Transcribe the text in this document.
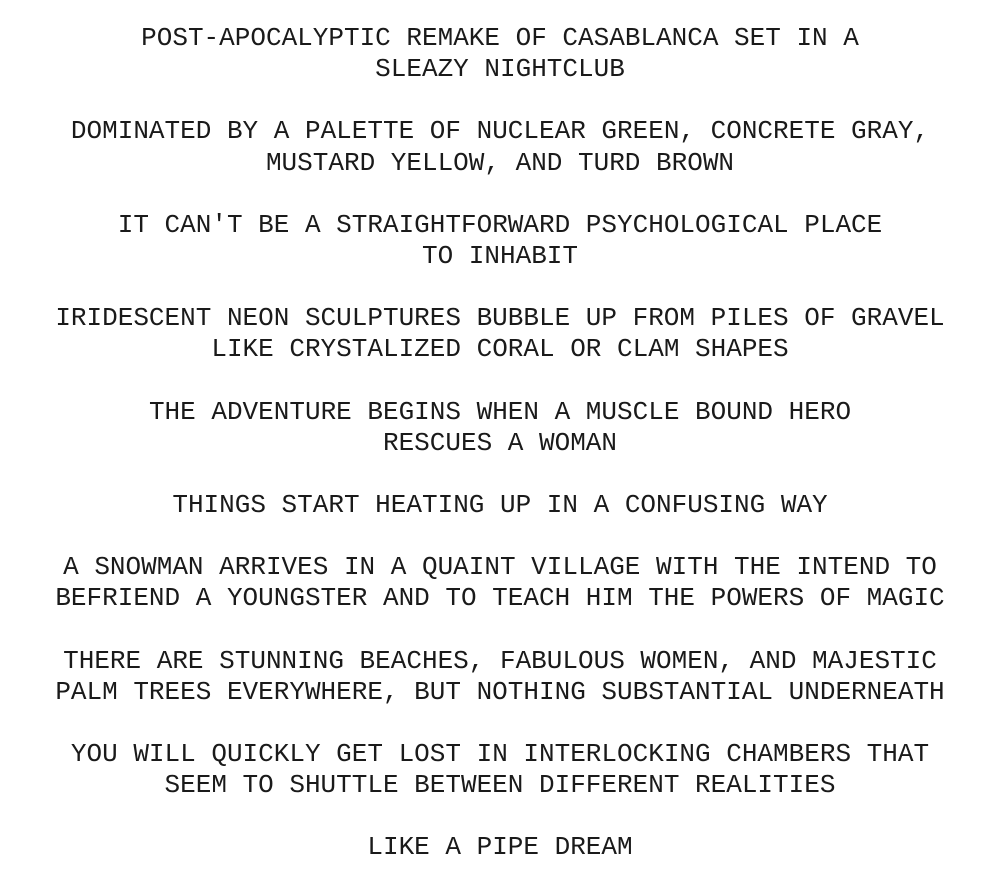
POST-APOCALYPTIC REMAKE OF CASABLANCA SET IN A
SLEAZY NIGHTCLUB
DOMINATED BY A PALETTE OF NUCLEAR GREEN, CONCRETE GRAY,
MUSTARD YELLOW, AND TURD BROWN
IT CAN'T BE A STRAIGHTFORWARD PSYCHOLOGICAL PLACE
TO INHABIT
IRIDESCENT NEON SCULPTURES BUBBLE UP FROM PILES OF GRAVEL
LIKE CRYSTALIZED CORAL OR CLAM SHAPES
THE ADVENTURE BEGINS WHEN A MUSCLE BOUND HERO
RESCUES A WOMAN
THINGS START HEATING UP IN A CONFUSING WAY
A SNOWMAN ARRIVES IN A QUAINT VILLAGE WITH THE INTEND TO
BEFRIEND A YOUNGSTER AND TO TEACH HIM THE POWERS OF MAGIC
THERE ARE STUNNING BEACHES, FABULOUS WOMEN, AND MAJESTIC
PALM TREES EVERYWHERE, BUT NOTHING SUBSTANTIAL UNDERNEATH
YOU WILL QUICKLY GET LOST IN INTERLOCKING CHAMBERS THAT
SEEM TO SHUTTLE BETWEEN DIFFERENT REALITIES
LIKE A PIPE DREAM
